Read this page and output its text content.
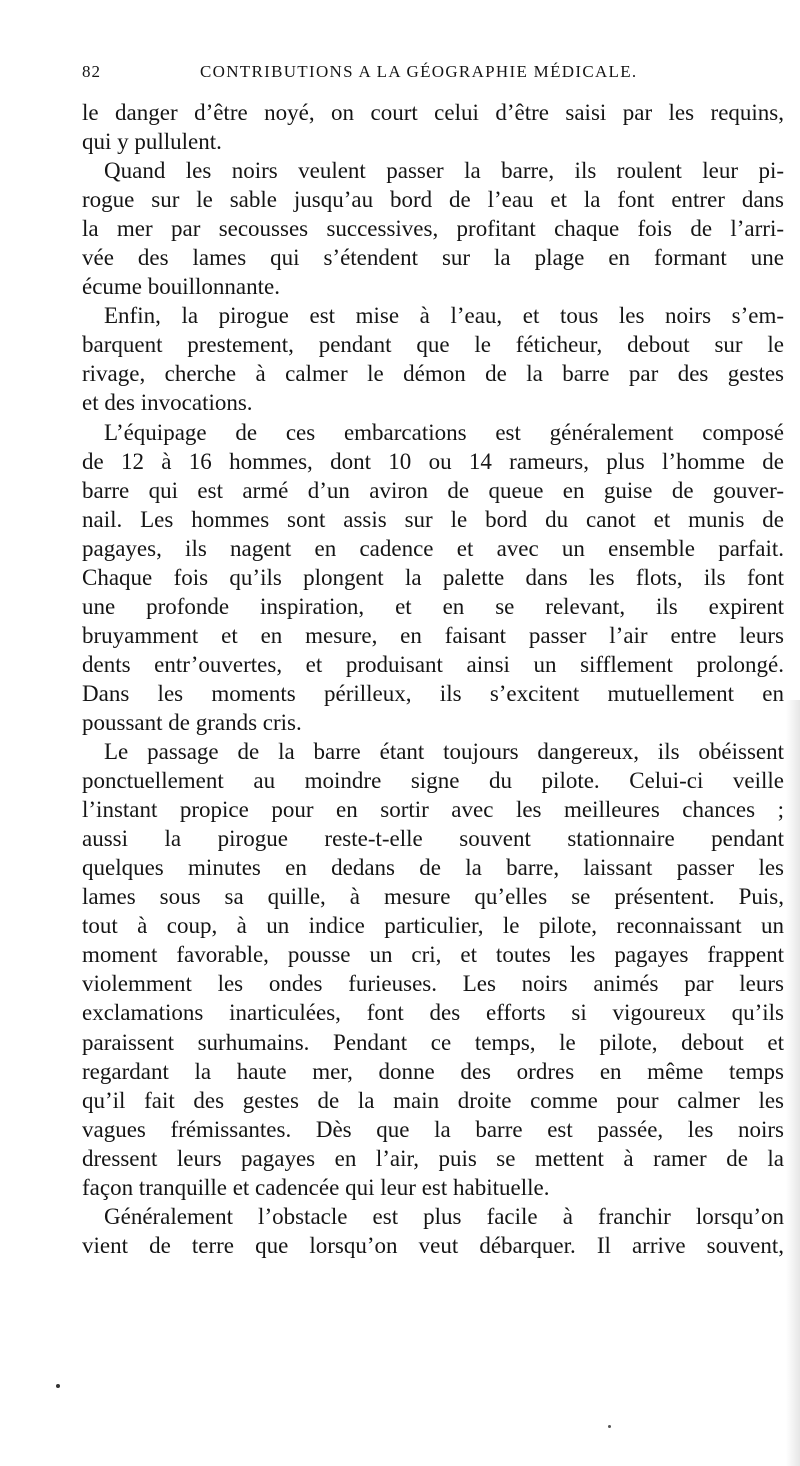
82	CONTRIBUTIONS A LA GÉOGRAPHIE MÉDICALE.
le danger d’être noyé, on court celui d’être saisi par les requins,
qui y pullulent.
Quand les noirs veulent passer la barre, ils roulent leur pi-
rogue sur le sable jusqu’au bord de l’eau et la font entrer dans
la mer par secousses successives, profitant chaque fois de l’arri-
vée des lames qui s’étendent sur la plage en formant une
écume bouillonnante.
Enfin, la pirogue est mise à l’eau, et tous les noirs s’em-
barquent prestement, pendant que le féticheur, debout sur le
rivage, cherche à calmer le démon de la barre par des gestes
et des invocations.
L’équipage de ces embarcations est généralement composé
de 12 à 16 hommes, dont 10 ou 14 rameurs, plus l’homme de
barre qui est armé d’un aviron de queue en guise de gouver-
nail. Les hommes sont assis sur le bord du canot et munis de
pagayes, ils nagent en cadence et avec un ensemble parfait.
Chaque fois qu’ils plongent la palette dans les flots, ils font
une profonde inspiration, et en se relevant, ils expirent
bruyamment et en mesure, en faisant passer l’air entre leurs
dents entr’ouvertes, et produisant ainsi un sifflement prolongé.
Dans les moments périlleux, ils s’excitent mutuellement en
poussant de grands cris.
Le passage de la barre étant toujours dangereux, ils obéissent
ponctuellement au moindre signe du pilote. Celui-ci veille
l’instant propice pour en sortir avec les meilleures chances ;
aussi la pirogue reste-t-elle souvent stationnaire pendant
quelques minutes en dedans de la barre, laissant passer les
lames sous sa quille, à mesure qu’elles se présentent. Puis,
tout à coup, à un indice particulier, le pilote, reconnaissant un
moment favorable, pousse un cri, et toutes les pagayes frappent
violemment les ondes furieuses. Les noirs animés par leurs
exclamations inarticulées, font des efforts si vigoureux qu’ils
paraissent surhumains. Pendant ce temps, le pilote, debout et
regardant la haute mer, donne des ordres en même temps
qu’il fait des gestes de la main droite comme pour calmer les
vagues frémissantes. Dès que la barre est passée, les noirs
dressent leurs pagayes en l’air, puis se mettent à ramer de la
façon tranquille et cadencée qui leur est habituelle.
Généralement l’obstacle est plus facile à franchir lorsqu’on
vient de terre que lorsqu’on veut débarquer. Il arrive souvent,
